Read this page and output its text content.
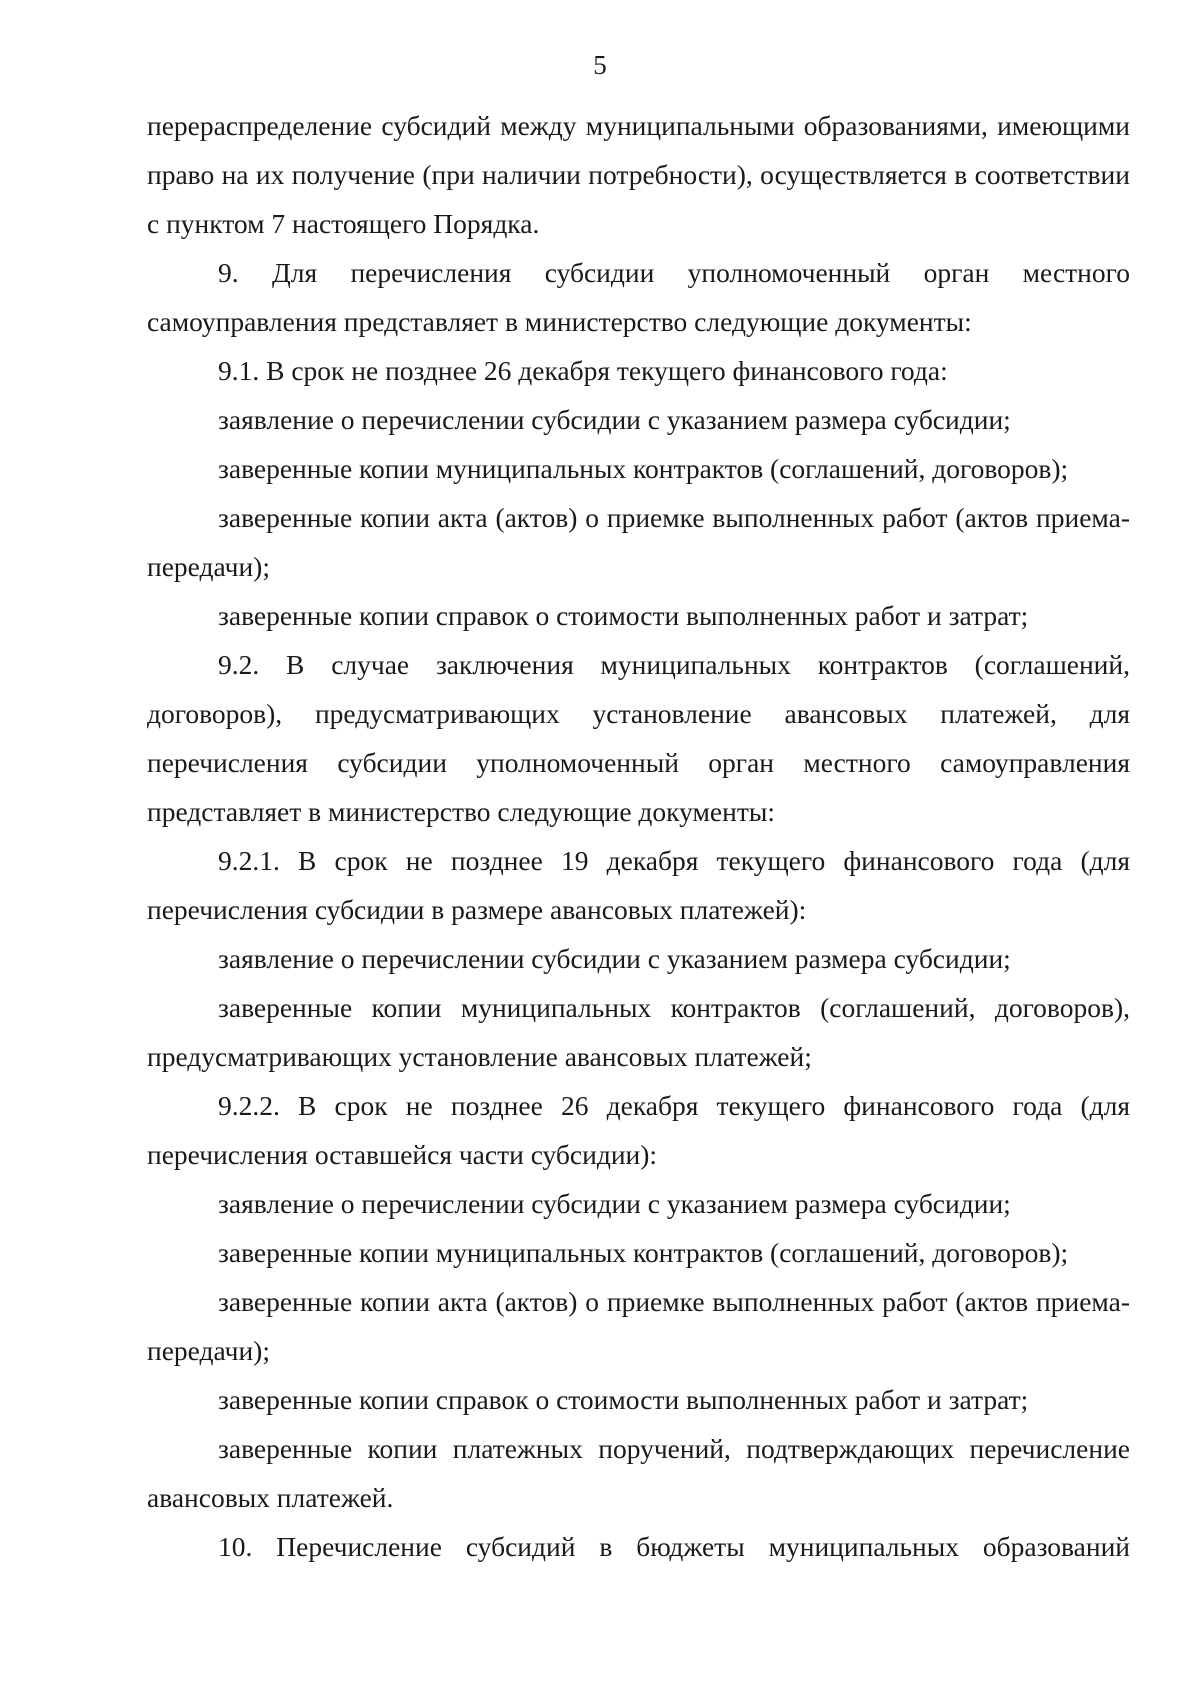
5

перераспределение субсидий между муниципальными образованиями, имеющими право на их получение (при наличии потребности), осуществляется в соответствии с пунктом 7 настоящего Порядка.

9. Для перечисления субсидии уполномоченный орган местного самоуправления представляет в министерство следующие документы:

9.1. В срок не позднее 26 декабря текущего финансового года:

заявление о перечислении субсидии с указанием размера субсидии;

заверенные копии муниципальных контрактов (соглашений, договоров);

заверенные копии акта (актов) о приемке выполненных работ (актов приема-передачи);

заверенные копии справок о стоимости выполненных работ и затрат;

9.2. В случае заключения муниципальных контрактов (соглашений, договоров), предусматривающих установление авансовых платежей, для перечисления субсидии уполномоченный орган местного самоуправления представляет в министерство следующие документы:

9.2.1. В срок не позднее 19 декабря текущего финансового года (для перечисления субсидии в размере авансовых платежей):

заявление о перечислении субсидии с указанием размера субсидии;

заверенные копии муниципальных контрактов (соглашений, договоров), предусматривающих установление авансовых платежей;

9.2.2. В срок не позднее 26 декабря текущего финансового года (для перечисления оставшейся части субсидии):

заявление о перечислении субсидии с указанием размера субсидии;

заверенные копии муниципальных контрактов (соглашений, договоров);

заверенные копии акта (актов) о приемке выполненных работ (актов приема-передачи);

заверенные копии справок о стоимости выполненных работ и затрат;

заверенные копии платежных поручений, подтверждающих перечисление авансовых платежей.

10. Перечисление субсидий в бюджеты муниципальных образований
